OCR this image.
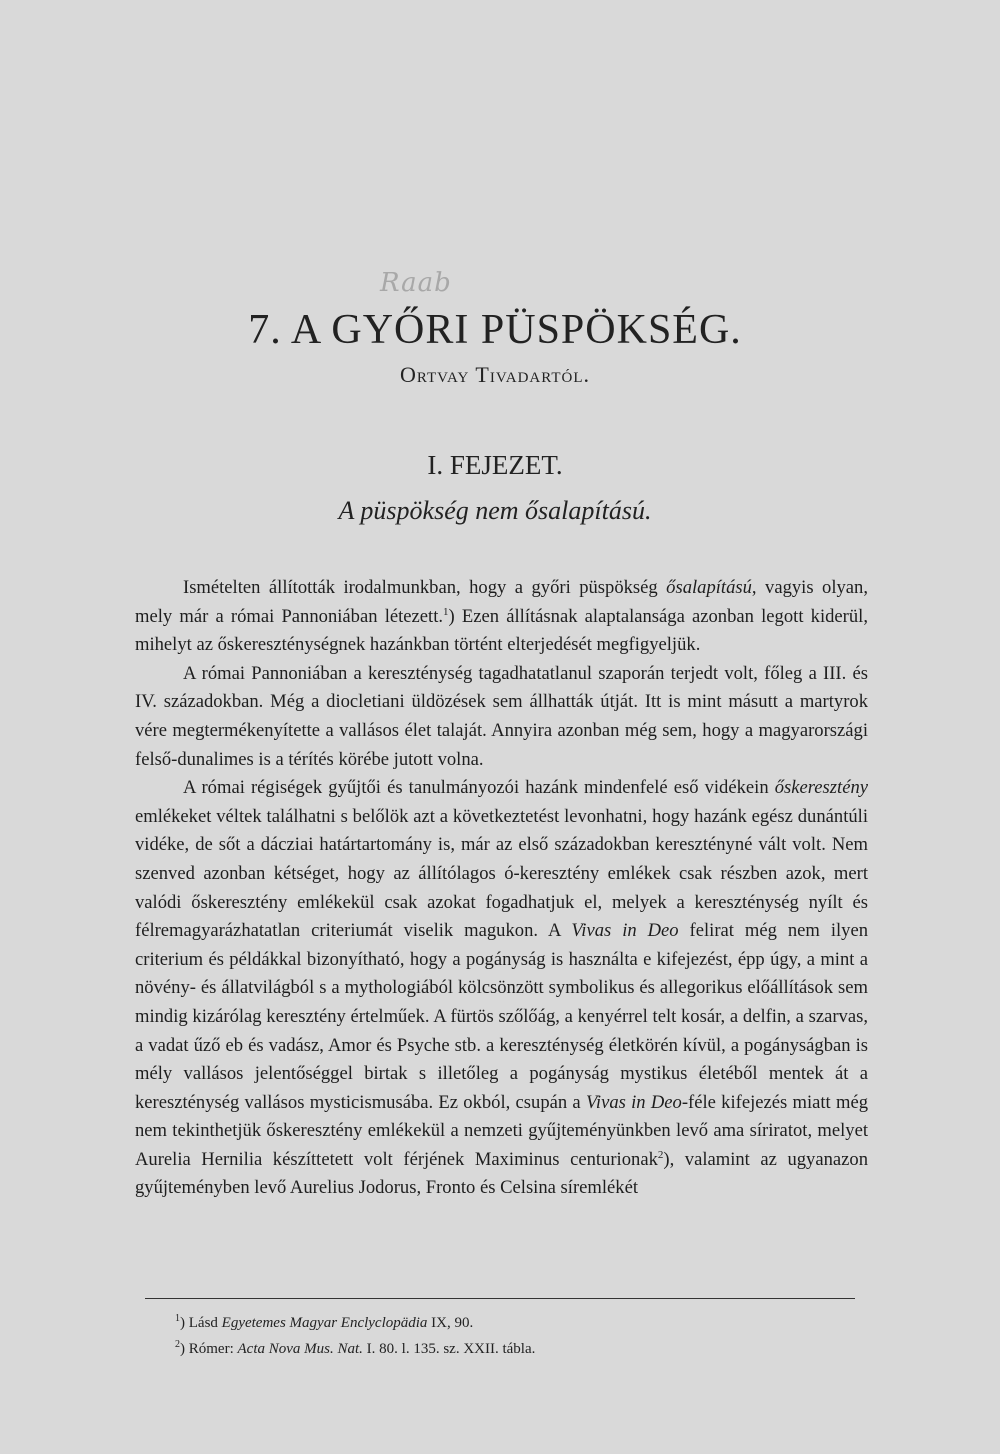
Raab
7. A GYŐRI PÜSPÖKSÉG.
Ortvay Tivadartól.
I. FEJEZET.
A püspökség nem ősalapítású.

Ismételten állították irodalmunkban, hogy a győri püspökség ősalapítású, vagyis olyan, mely már a római Pannoniában létezett.$^1$) Ezen állításnak alaptalansága azonban legott kiderül, mihelyt az őskereszténységnek hazánkban történt elterjedését megfigyeljük.

A római Pannoniában a kereszténység tagadhatatlanul szaporán terjedt volt, főleg a III. és IV. századokban. Még a diocletiani üldözések sem állhatták útját. Itt is mint másutt a martyrok vére megtermékenyítette a vallásos élet talaját. Annyira azonban még sem, hogy a magyarországi felső-dunalimes is a térítés körébe jutott volna.

A római régiségek gyűjtői és tanulmányozói hazánk mindenfelé eső vidékein őskeresztény emlékeket véltek találhatni s belőlök azt a következtetést levonhatni, hogy hazánk egész dunántúli vidéke, de sőt a dácziai határtartomány is, már az első századokban keresztényné vált volt. Nem szenved azonban kétséget, hogy az állítólagos ó-keresztény emlékek csak részben azok, mert valódi őskeresztény emlékekül csak azokat fogadhatjuk el, melyek a kereszténység nyílt és félremagyarázhatatlan criteriumát viselik magukon. A Vivas in Deo felirat még nem ilyen criterium és példákkal bizonyítható, hogy a pogányság is használta e kifejezést, épp úgy, a mint a növény- és állatvilágból s a mythologiából kölcsönzött symbolikus és allegorikus előállítások sem mindig kizárólag keresztény értelműek. A fürtös szőlőág, a kenyérrel telt kosár, a delfin, a szarvas, a vadat űző eb és vadász, Amor és Psyche stb. a kereszténység életkörén kívül, a pogányságban is mély vallásos jelentőséggel birtak s illetőleg a pogányság mystikus életéből mentek át a kereszténység vallásos mysticismusába. Ez okból, csupán a Vivas in Deo-féle kifejezés miatt még nem tekinthetjük őskeresztény emlékekül a nemzeti gyűjteményünkben levő ama síriratot, melyet Aurelia Hernilia készíttetett volt férjének Maximinus centurionak$^2$), valamint az ugyanazon gyűjteményben levő Aurelius Jodorus, Fronto és Celsina síremlékét

$^1$) Lásd Egyetemes Magyar Enclyclopädia IX, 90.
$^2$) Rómer: Acta Nova Mus. Nat. I. 80. l. 135. sz. XXII. tábla.
